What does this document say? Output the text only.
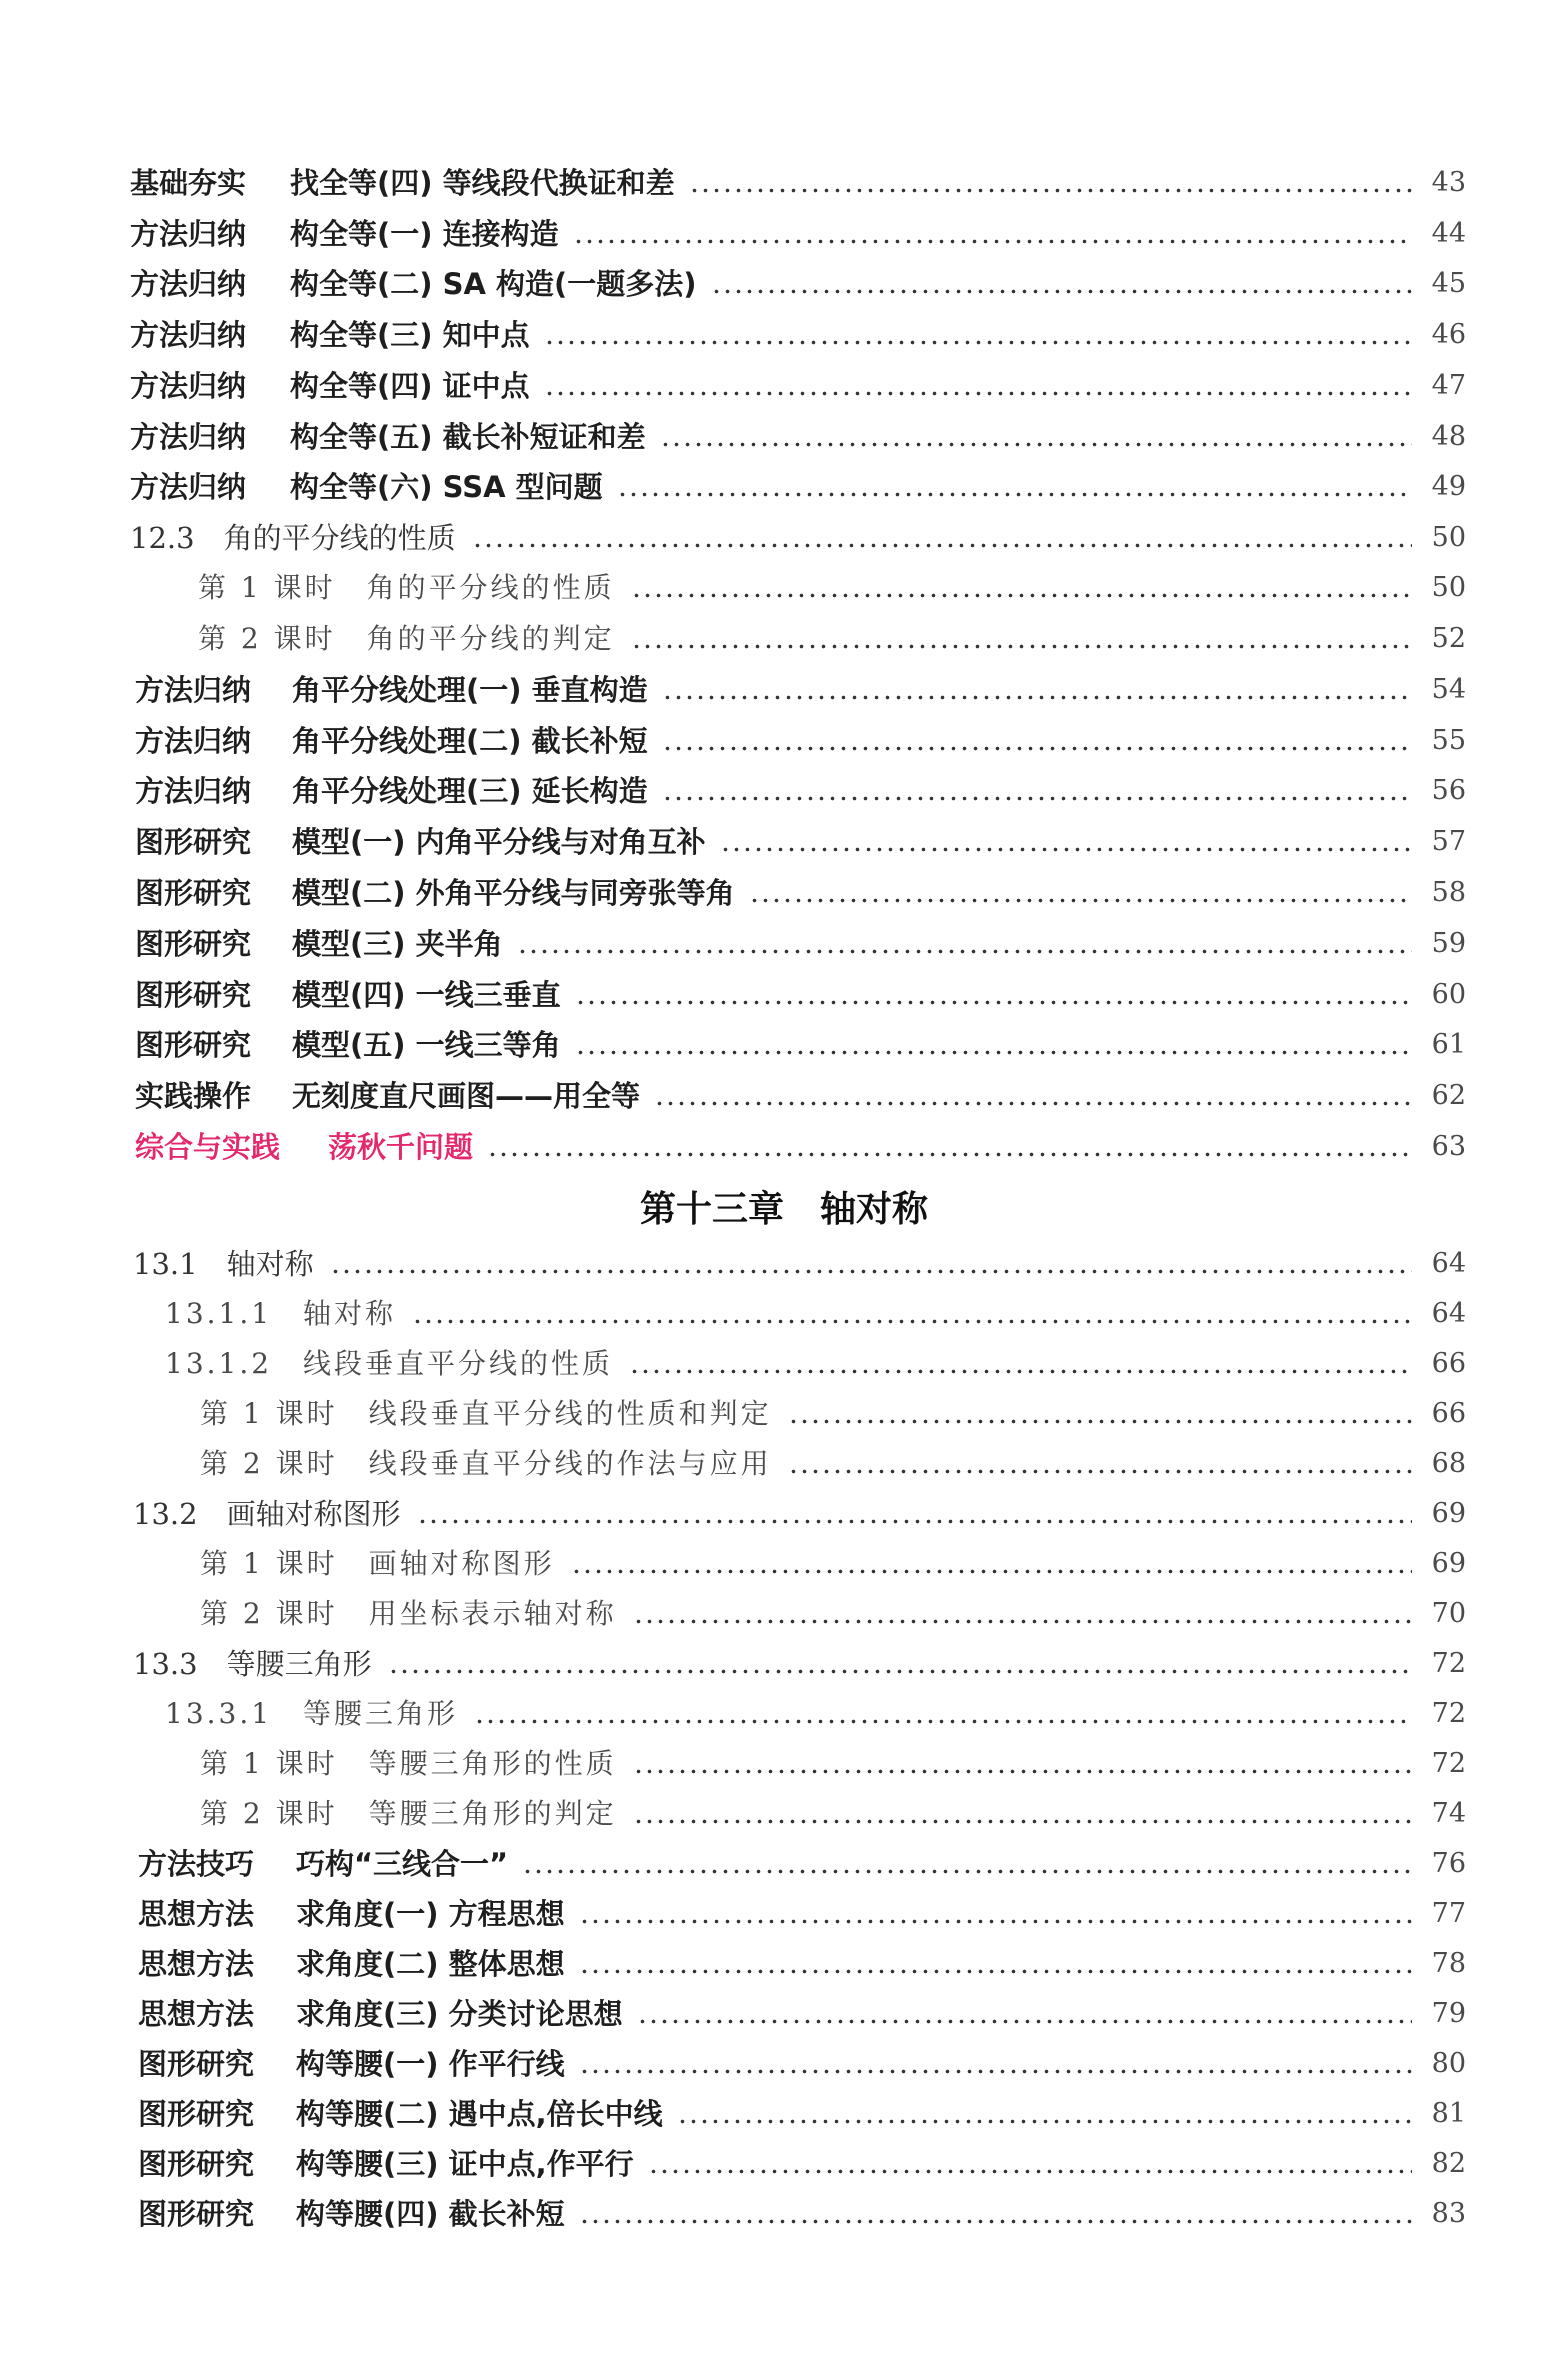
第十三章　轴对称
基础夯实 找全等(四) 等线段代换证和差	43
方法归纳 构全等(一) 连接构造	44
方法归纳 构全等(二) SA 构造(一题多法)	45
方法归纳 构全等(三) 知中点	46
方法归纳 构全等(四) 证中点	47
方法归纳 构全等(五) 截长补短证和差	48
方法归纳 构全等(六) SSA 型问题	49
12.3　角的平分线的性质	50
第 1 课时　角的平分线的性质	50
第 2 课时　角的平分线的判定	52
方法归纳 角平分线处理(一) 垂直构造	54
方法归纳 角平分线处理(二) 截长补短	55
方法归纳 角平分线处理(三) 延长构造	56
图形研究 模型(一) 内角平分线与对角互补	57
图形研究 模型(二) 外角平分线与同旁张等角	58
图形研究 模型(三) 夹半角	59
图形研究 模型(四) 一线三垂直	60
图形研究 模型(五) 一线三等角	61
实践操作 无刻度直尺画图——用全等	62
综合与实践 荡秋千问题	63
13.1　轴对称	64
13.1.1　轴对称	64
13.1.2　线段垂直平分线的性质	66
第 1 课时　线段垂直平分线的性质和判定	66
第 2 课时　线段垂直平分线的作法与应用	68
13.2　画轴对称图形	69
第 1 课时　画轴对称图形	69
第 2 课时　用坐标表示轴对称	70
13.3　等腰三角形	72
13.3.1　等腰三角形	72
第 1 课时　等腰三角形的性质	72
第 2 课时　等腰三角形的判定	74
方法技巧 巧构“三线合一”	76
思想方法 求角度(一) 方程思想	77
思想方法 求角度(二) 整体思想	78
思想方法 求角度(三) 分类讨论思想	79
图形研究 构等腰(一) 作平行线	80
图形研究 构等腰(二) 遇中点,倍长中线	81
图形研究 构等腰(三) 证中点,作平行	82
图形研究 构等腰(四) 截长补短	83
